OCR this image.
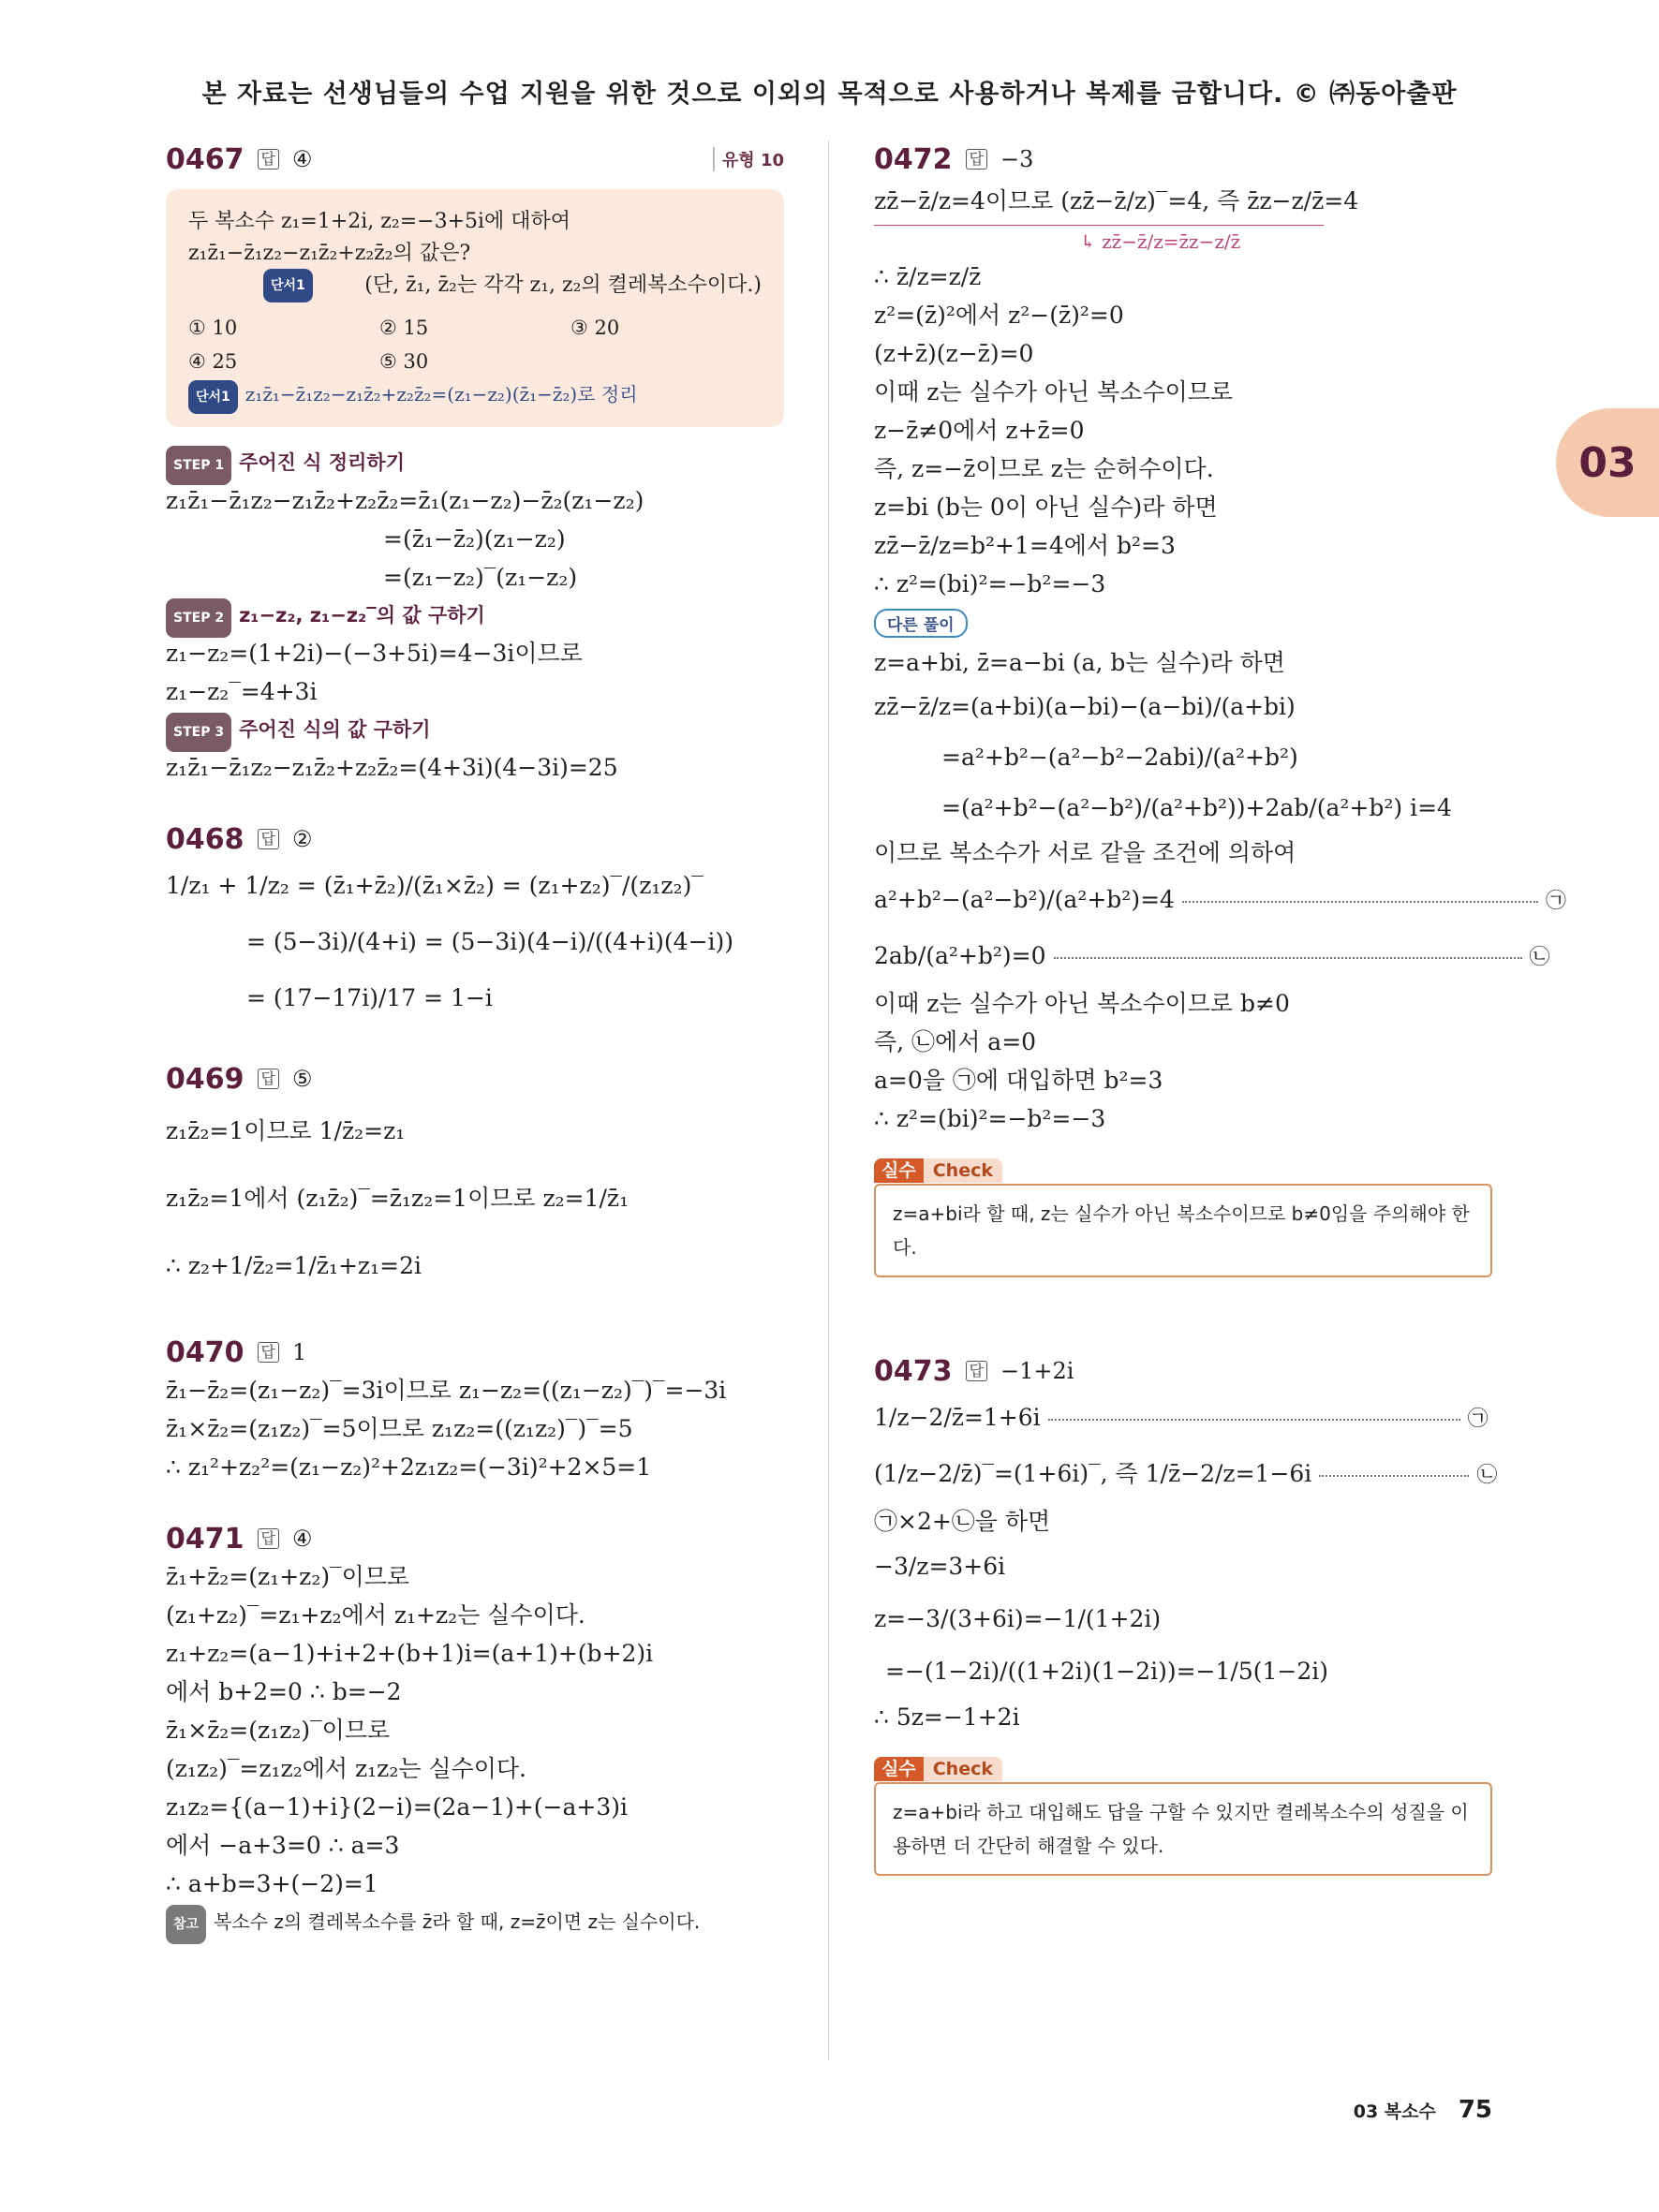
본 자료는 선생님들의 수업 지원을 위한 것으로 이외의 목적으로 사용하거나 복제를 금합니다. © ㈜동아출판
03
0467 답 ④	유형 10
두 복소수 z₁=1+2i, z₂=−3+5i에 대하여
z₁z̄₁−z̄₁z₂−z₁z̄₂+z₂z̄₂의 값은?
단서1	(단, z̄₁, z̄₂는 각각 z₁, z₂의 켤레복소수이다.)
① 10	② 15	③ 20
④ 25	⑤ 30
단서1 z₁z̄₁−z̄₁z₂−z₁z̄₂+z₂z̄₂=(z₁−z₂)(z̄₁−z̄₂)로 정리
STEP 1 주어진 식 정리하기
z₁z̄₁−z̄₁z₂−z₁z̄₂+z₂z̄₂=z̄₁(z₁−z₂)−z̄₂(z₁−z₂)
=(z̄₁−z̄₂)(z₁−z₂)
=(z₁−z₂)‾(z₁−z₂)
STEP 2 z₁−z₂, z₁−z₂‾의 값 구하기
z₁−z₂=(1+2i)−(−3+5i)=4−3i이므로
z₁−z₂‾=4+3i
STEP 3 주어진 식의 값 구하기
z₁z̄₁−z̄₁z₂−z₁z̄₂+z₂z̄₂=(4+3i)(4−3i)=25
0468 답 ②
1/z₁ + 1/z₂ = (z̄₁+z̄₂)/(z̄₁×z̄₂) = (z₁+z₂)‾/(z₁z₂)‾
= (5−3i)/(4+i) = (5−3i)(4−i)/((4+i)(4−i))
= (17−17i)/17 = 1−i
0469 답 ⑤
z₁z̄₂=1이므로 1/z̄₂=z₁
z₁z̄₂=1에서 (z₁z̄₂)‾=z̄₁z₂=1이므로 z₂=1/z̄₁
∴ z₂+1/z̄₂=1/z̄₁+z₁=2i
0470 답 1
z̄₁−z̄₂=(z₁−z₂)‾=3i이므로 z₁−z₂=((z₁−z₂)‾)‾=−3i
z̄₁×z̄₂=(z₁z₂)‾=5이므로 z₁z₂=((z₁z₂)‾)‾=5
∴ z₁²+z₂²=(z₁−z₂)²+2z₁z₂=(−3i)²+2×5=1
0471 답 ④
z̄₁+z̄₂=(z₁+z₂)‾이므로
(z₁+z₂)‾=z₁+z₂에서 z₁+z₂는 실수이다.
z₁+z₂=(a−1)+i+2+(b+1)i=(a+1)+(b+2)i
에서 b+2=0 ∴ b=−2
z̄₁×z̄₂=(z₁z₂)‾이므로
(z₁z₂)‾=z₁z₂에서 z₁z₂는 실수이다.
z₁z₂={(a−1)+i}(2−i)=(2a−1)+(−a+3)i
에서 −a+3=0 ∴ a=3
∴ a+b=3+(−2)=1
참고 복소수 z의 켤레복소수를 z̄라 할 때, z=z̄이면 z는 실수이다.
0472 답 −3
zz̄−z̄/z=4이므로 (zz̄−z̄/z)‾=4, 즉 z̄z−z/z̄=4
↳ zz̄−z̄/z=z̄z−z/z̄
∴ z̄/z=z/z̄
z²=(z̄)²에서 z²−(z̄)²=0
(z+z̄)(z−z̄)=0
이때 z는 실수가 아닌 복소수이므로
z−z̄≠0에서 z+z̄=0
즉, z=−z̄이므로 z는 순허수이다.
z=bi (b는 0이 아닌 실수)라 하면
zz̄−z̄/z=b²+1=4에서 b²=3
∴ z²=(bi)²=−b²=−3
다른 풀이
z=a+bi, z̄=a−bi (a, b는 실수)라 하면
zz̄−z̄/z=(a+bi)(a−bi)−(a−bi)/(a+bi)
=a²+b²−(a²−b²−2abi)/(a²+b²)
=(a²+b²−(a²−b²)/(a²+b²))+2ab/(a²+b²) i=4
이므로 복소수가 서로 같을 조건에 의하여
a²+b²−(a²−b²)/(a²+b²)=4	㉠
2ab/(a²+b²)=0	㉡
이때 z는 실수가 아닌 복소수이므로 b≠0
즉, ㉡에서 a=0
a=0을 ㉠에 대입하면 b²=3
∴ z²=(bi)²=−b²=−3
실수 Check
z=a+bi라 할 때, z는 실수가 아닌 복소수이므로 b≠0임을 주의해야 한다.
0473 답 −1+2i
1/z−2/z̄=1+6i	㉠
(1/z−2/z̄)‾=(1+6i)‾, 즉 1/z̄−2/z=1−6i	㉡
㉠×2+㉡을 하면
−3/z=3+6i
z=−3/(3+6i)=−1/(1+2i)
=−(1−2i)/((1+2i)(1−2i))=−1/5(1−2i)
∴ 5z=−1+2i
실수 Check
z=a+bi라 하고 대입해도 답을 구할 수 있지만 켤레복소수의 성질을 이용하면 더 간단히 해결할 수 있다.
03 복소수 75
